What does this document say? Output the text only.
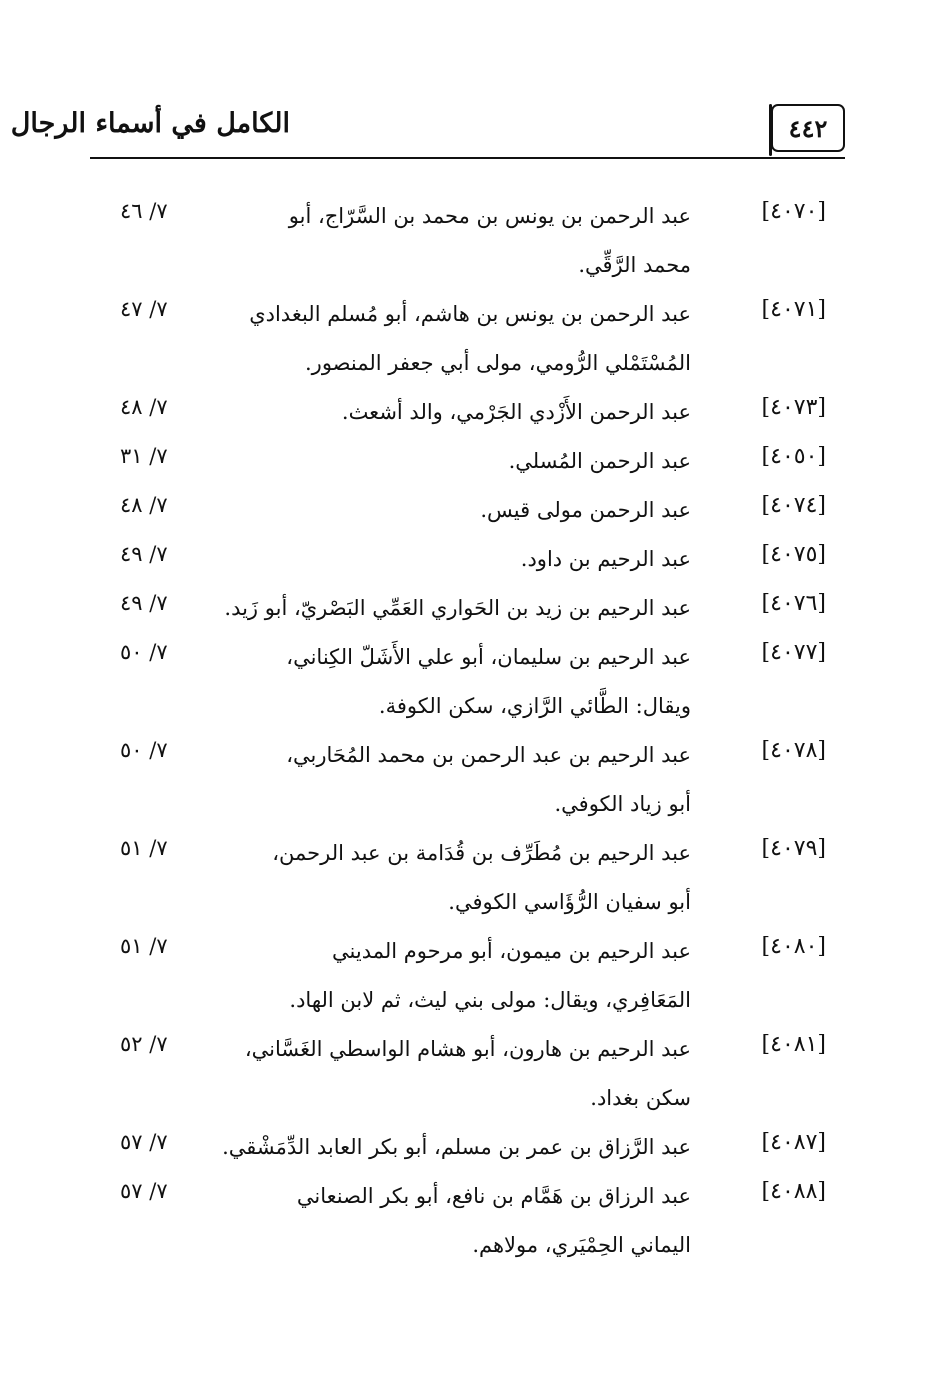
الكامل في أسماء الرجال	٤٤٢
[٤٠٧٠]
عبد الرحمن بن يونس بن محمد بن السَّرّاج، أبو
محمد الرَّقِّي.
٧/ ٤٦
[٤٠٧١]
عبد الرحمن بن يونس بن هاشم، أبو مُسلم البغدادي
المُسْتَمْلي الرُّومي، مولى أبي جعفر المنصور.
٧/ ٤٧
[٤٠٧٣]
عبد الرحمن الأَزْدي الجَرْمي، والد أشعث.
٧/ ٤٨
[٤٠٥٠]
عبد الرحمن المُسلي.
٧/ ٣١
[٤٠٧٤]
عبد الرحمن مولى قيس.
٧/ ٤٨
[٤٠٧٥]
عبد الرحيم بن داود.
٧/ ٤٩
[٤٠٧٦]
عبد الرحيم بن زيد بن الحَواري العَمِّي البَصْريّ، أبو زَيد.
٧/ ٤٩
[٤٠٧٧]
عبد الرحيم بن سليمان، أبو علي الأَشَلّ الكِناني،
ويقال: الطَّائي الرَّازي، سكن الكوفة.
٧/ ٥٠
[٤٠٧٨]
عبد الرحيم بن عبد الرحمن بن محمد المُحَاربي،
أبو زياد الكوفي.
٧/ ٥٠
[٤٠٧٩]
عبد الرحيم بن مُطَرِّف بن قُدَامة بن عبد الرحمن،
أبو سفيان الرُّؤَاسي الكوفي.
٧/ ٥١
[٤٠٨٠]
عبد الرحيم بن ميمون، أبو مرحوم المديني
المَعَافِري، ويقال: مولى بني ليث، ثم لابن الهاد.
٧/ ٥١
[٤٠٨١]
عبد الرحيم بن هارون، أبو هشام الواسطي الغَسَّاني،
سكن بغداد.
٧/ ٥٢
[٤٠٨٧]
عبد الرَّزاق بن عمر بن مسلم، أبو بكر العابد الدِّمَشْقي.
٧/ ٥٧
[٤٠٨٨]
عبد الرزاق بن هَمَّام بن نافع، أبو بكر الصنعاني
اليماني الحِمْيَري، مولاهم.
٧/ ٥٧
